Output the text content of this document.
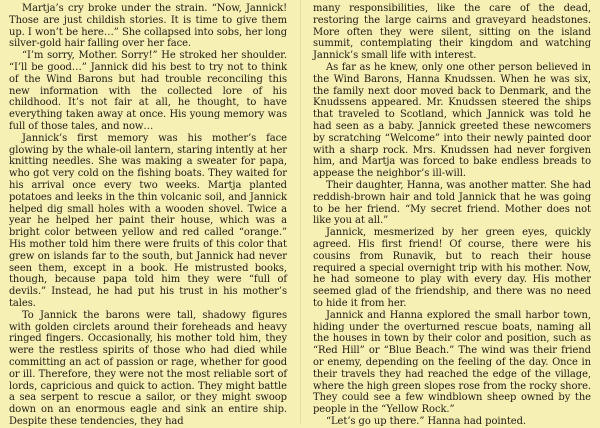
Martja’s cry broke under the strain. “Now, Jannick! Those are just childish stories. It is time to give them up. I won’t be here…” She collapsed into sobs, her long silver-gold hair falling over her face.

“I’m sorry, Mother. Sorry!” He stroked her shoulder. “I’ll be good…” Jannick did his best to try not to think of the Wind Barons but had trouble reconciling this new information with the collected lore of his childhood. It’s not fair at all, he thought, to have everything taken away at once. His young memory was full of those tales, and now…

Jannick’s first memory was his mother’s face glowing by the whale-oil lantern, staring intently at her knitting needles. She was making a sweater for papa, who got very cold on the fishing boats. They waited for his arrival once every two weeks. Martja planted potatoes and leeks in the thin volcanic soil, and Jannick helped dig small holes with a wooden shovel. Twice a year he helped her paint their house, which was a bright color between yellow and red called “orange.” His mother told him there were fruits of this color that grew on islands far to the south, but Jannick had never seen them, except in a book. He mistrusted books, though, because papa told him they were “full of devils.” Instead, he had put his trust in his mother’s tales.

To Jannick the barons were tall, shadowy figures with golden circlets around their foreheads and heavy ringed fingers. Occasionally, his mother told him, they were the restless spirits of those who had died while committing an act of passion or rage, whether for good or ill. Therefore, they were not the most reliable sort of lords, capricious and quick to action. They might battle a sea serpent to rescue a sailor, or they might swoop down on an enormous eagle and sink an entire ship. Despite these tendencies, they had

many responsibilities, like the care of the dead, restoring the large cairns and graveyard headstones. More often they were silent, sitting on the island summit, contemplating their kingdom and watching Jannick’s small life with interest.

As far as he knew, only one other person believed in the Wind Barons, Hanna Knudssen. When he was six, the family next door moved back to Denmark, and the Knudssens appeared. Mr. Knudssen steered the ships that traveled to Scotland, which Jannick was told he had seen as a baby. Jannick greeted these newcomers by scratching “Welcome” into their newly painted door with a sharp rock. Mrs. Knudssen had never forgiven him, and Martja was forced to bake endless breads to appease the neighbor’s ill-will.

Their daughter, Hanna, was another matter. She had reddish-brown hair and told Jannick that he was going to be her friend. “My secret friend. Mother does not like you at all.”

Jannick, mesmerized by her green eyes, quickly agreed. His first friend! Of course, there were his cousins from Runavik, but to reach their house required a special overnight trip with his mother. Now, he had someone to play with every day. His mother seemed glad of the friendship, and there was no need to hide it from her.

Jannick and Hanna explored the small harbor town, hiding under the overturned rescue boats, naming all the houses in town by their color and position, such as “Red Hill” or “Blue Beach.” The wind was their friend or enemy, depending on the feeling of the day. Once in their travels they had reached the edge of the village, where the high green slopes rose from the rocky shore. They could see a few windblown sheep owned by the people in the “Yellow Rock.”

“Let’s go up there.” Hanna had pointed.
